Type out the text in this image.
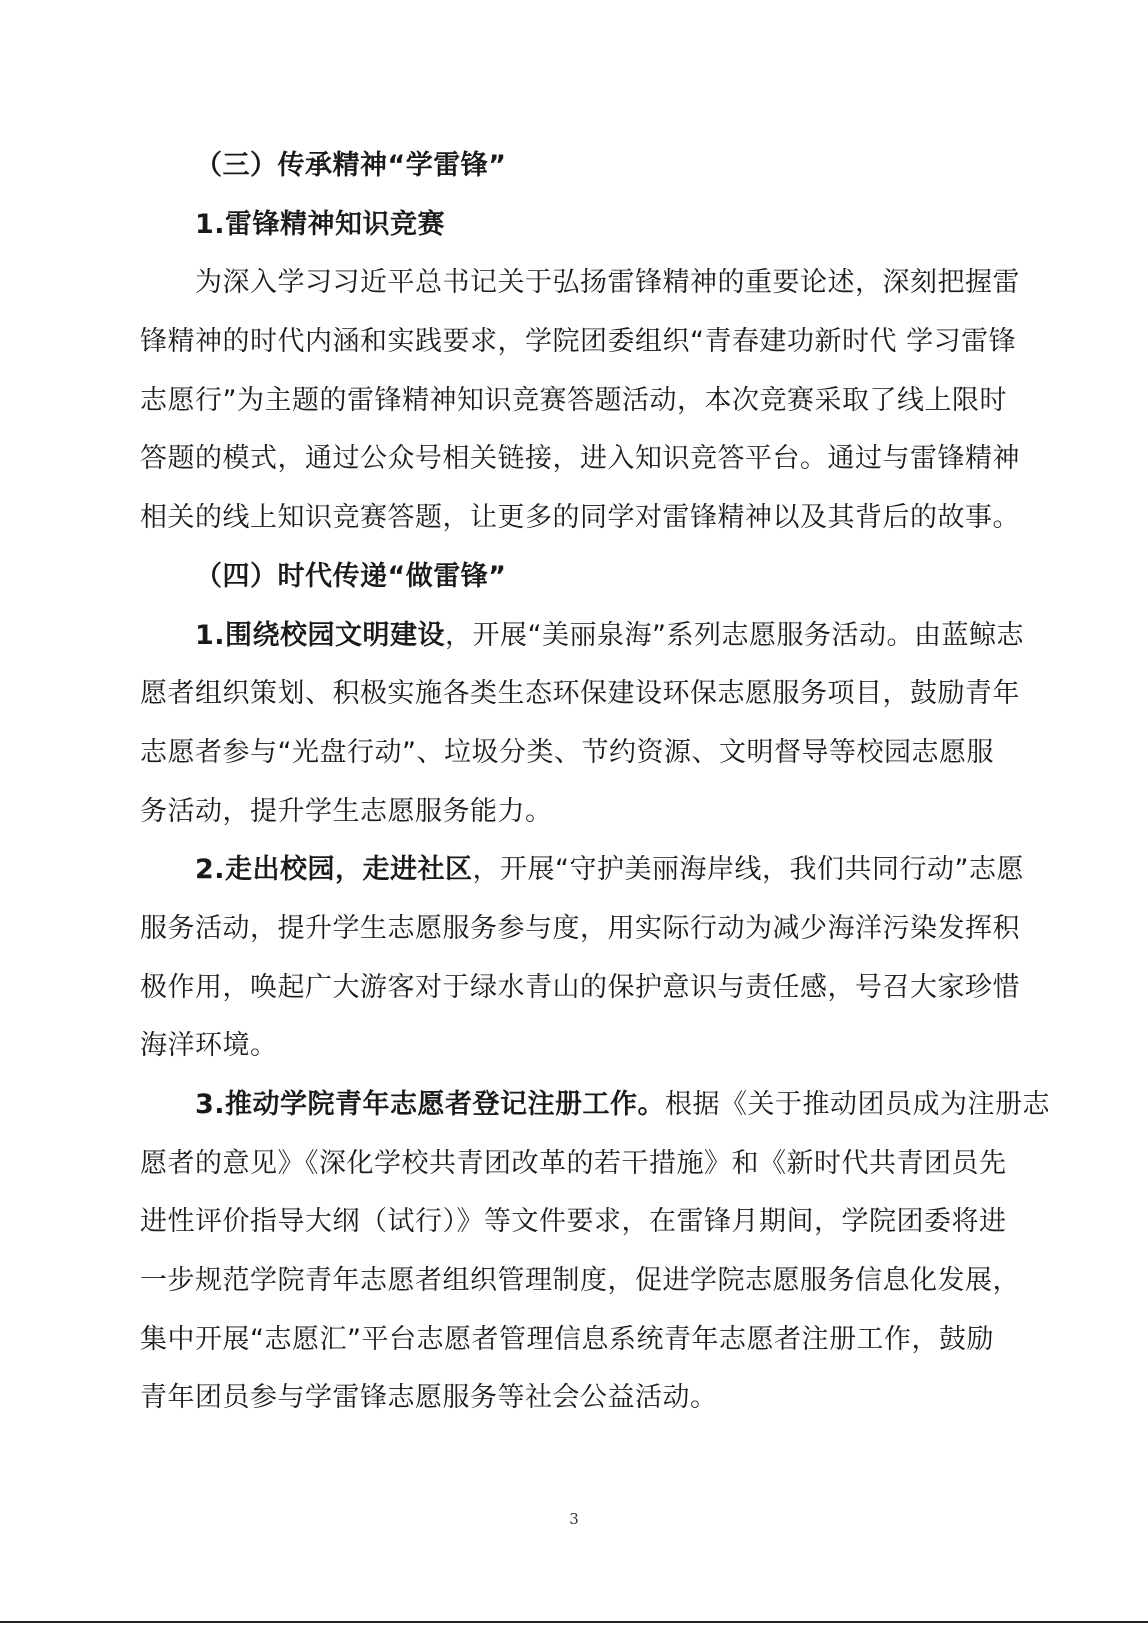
（三）传承精神“学雷锋”
1.雷锋精神知识竞赛
为深入学习习近平总书记关于弘扬雷锋精神的重要论述，深刻把握雷
锋精神的时代内涵和实践要求，学院团委组织“青春建功新时代 学习雷锋
志愿行”为主题的雷锋精神知识竞赛答题活动，本次竞赛采取了线上限时
答题的模式，通过公众号相关链接，进入知识竞答平台。通过与雷锋精神
相关的线上知识竞赛答题，让更多的同学对雷锋精神以及其背后的故事。
（四）时代传递“做雷锋”
1.围绕校园文明建设，开展“美丽泉海”系列志愿服务活动。由蓝鲸志
愿者组织策划、积极实施各类生态环保建设环保志愿服务项目，鼓励青年
志愿者参与“光盘行动”、垃圾分类、节约资源、文明督导等校园志愿服
务活动，提升学生志愿服务能力。
2.走出校园，走进社区，开展“守护美丽海岸线，我们共同行动”志愿
服务活动，提升学生志愿服务参与度，用实际行动为减少海洋污染发挥积
极作用，唤起广大游客对于绿水青山的保护意识与责任感，号召大家珍惜
海洋环境。
3.推动学院青年志愿者登记注册工作。根据《关于推动团员成为注册志
愿者的意见》《深化学校共青团改革的若干措施》和《新时代共青团员先
进性评价指导大纲（试行）》等文件要求，在雷锋月期间，学院团委将进
一步规范学院青年志愿者组织管理制度，促进学院志愿服务信息化发展，
集中开展“志愿汇”平台志愿者管理信息系统青年志愿者注册工作，鼓励
青年团员参与学雷锋志愿服务等社会公益活动。
3
